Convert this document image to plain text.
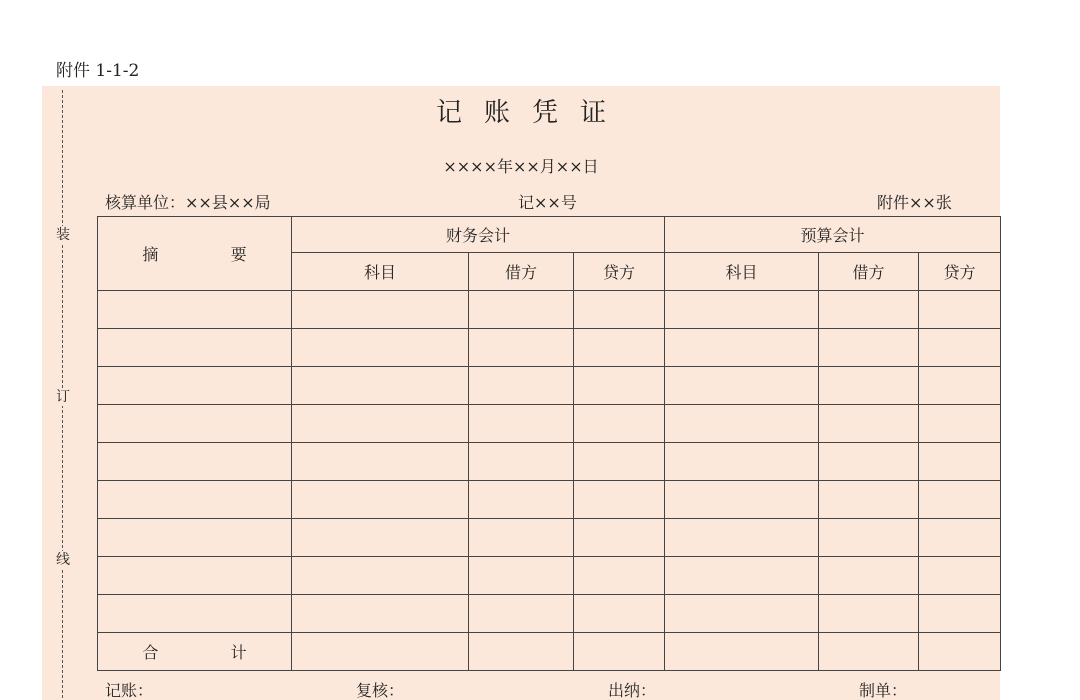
附件 1-1-2
装
订
线
记账凭证
××××年××月××日
核算单位：××县××局	记××号	附件××张
摘 要	财务会计			预算会计		
	科目	借方	贷方	科目	借方	贷方

合 计						
记账：	复核：	出纳：	制单：
